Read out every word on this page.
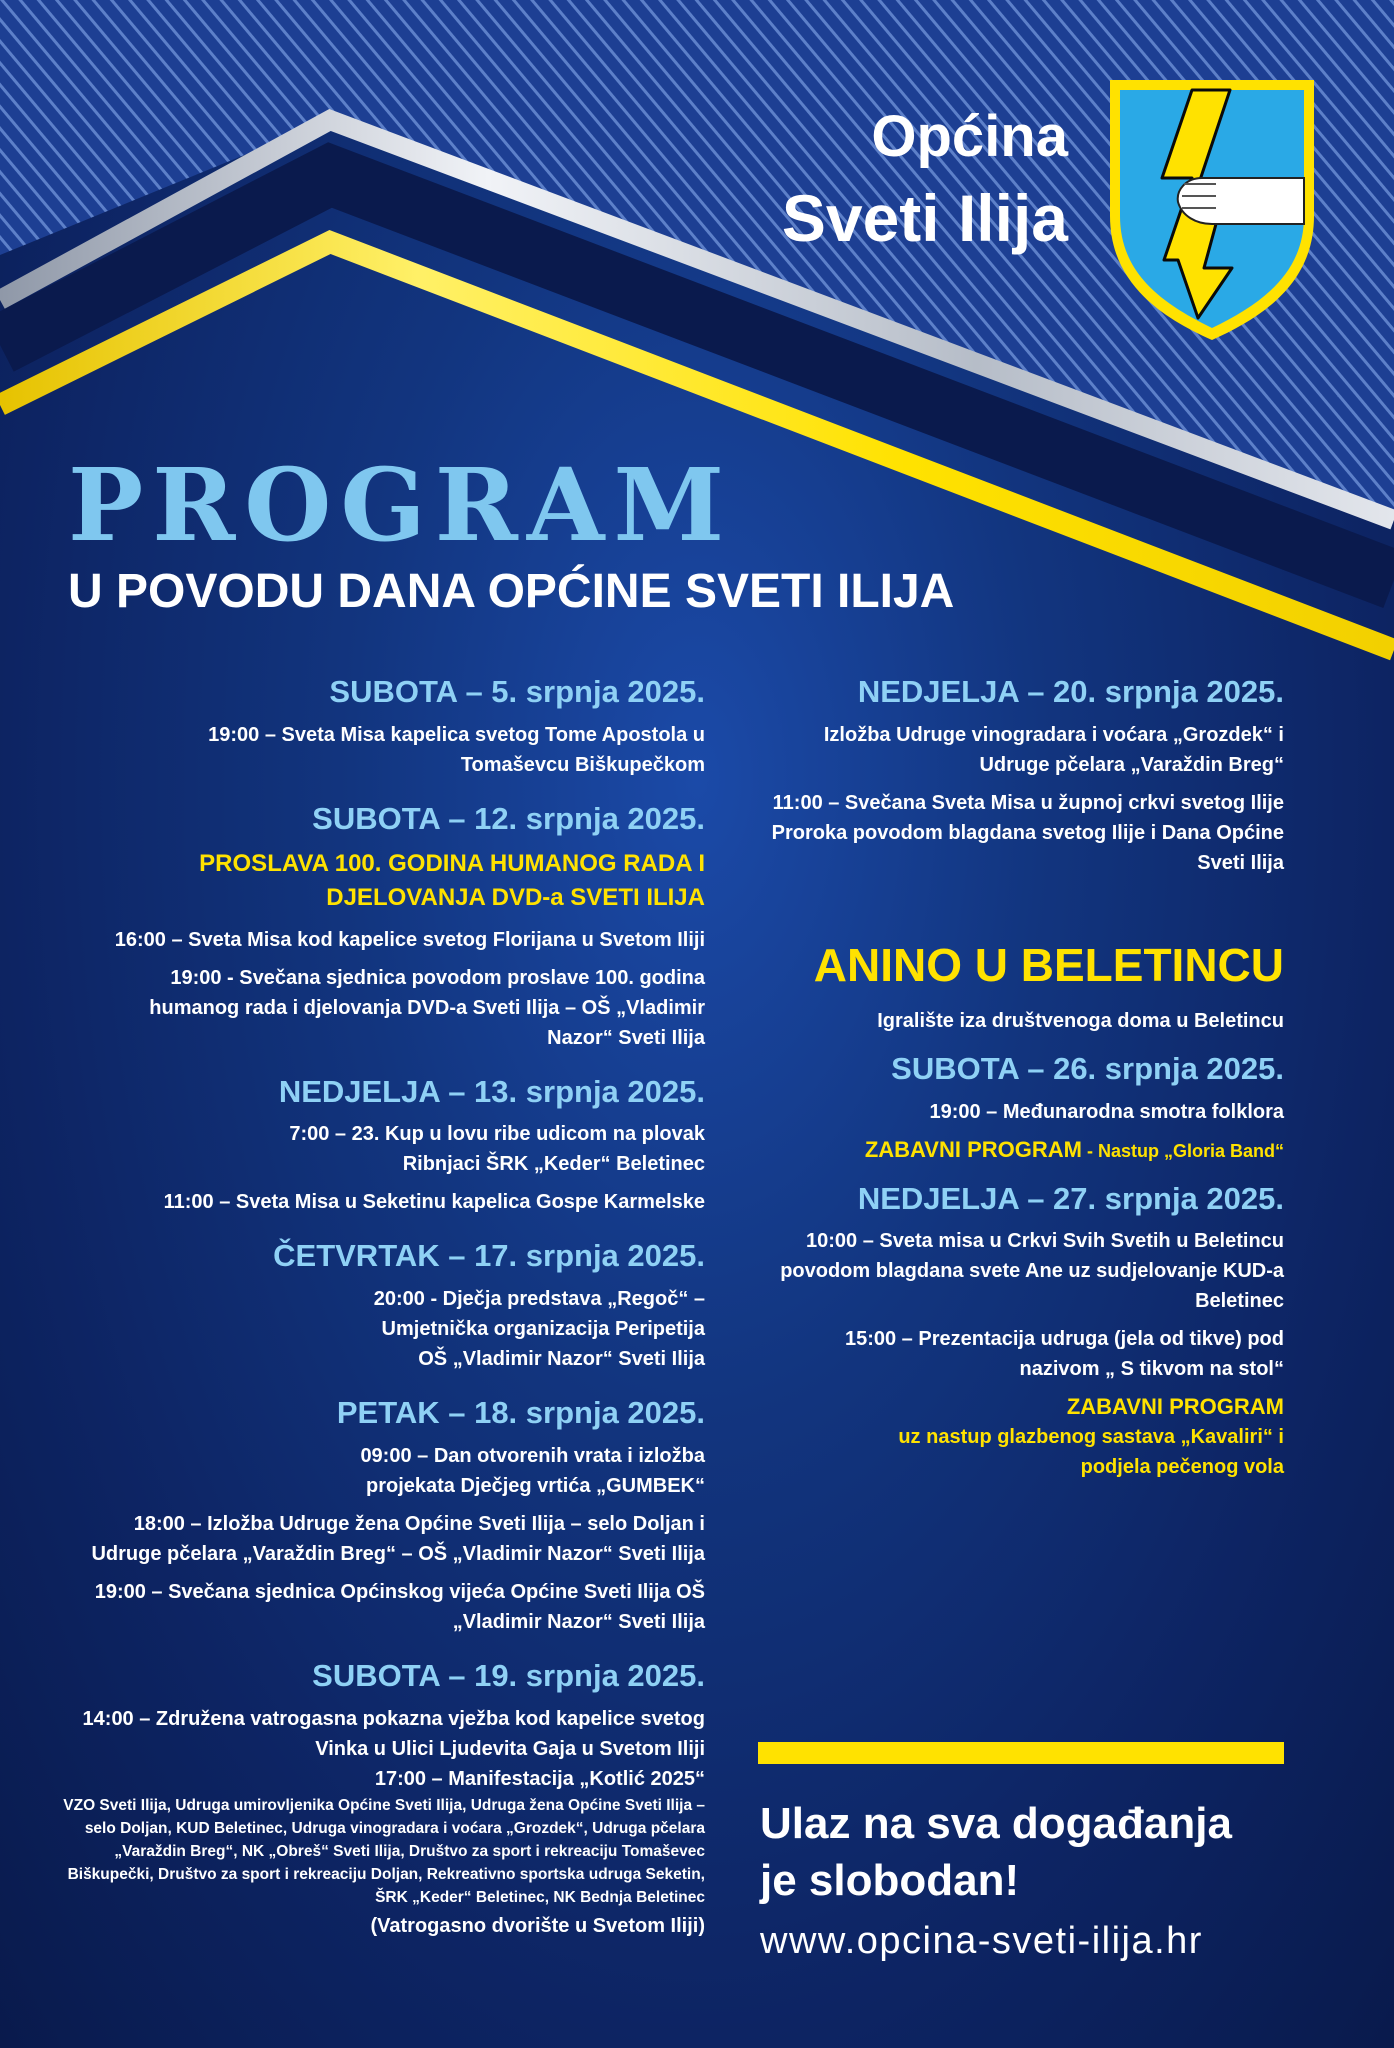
Općina
Sveti Ilija
PROGRAM
U POVODU DANA OPĆINE SVETI ILIJA
SUBOTA – 5. srpnja 2025.
19:00 – Sveta Misa kapelica svetog Tome Apostola u Tomaševcu Biškupečkom
SUBOTA – 12. srpnja 2025.
PROSLAVA 100. GODINA HUMANOG RADA I DJELOVANJA DVD-a SVETI ILIJA
16:00 – Sveta Misa kod kapelice svetog Florijana u Svetom Iliji
19:00 - Svečana sjednica povodom proslave 100. godina humanog rada i djelovanja DVD-a Sveti Ilija – OŠ „Vladimir Nazor“ Sveti Ilija
NEDJELJA – 13. srpnja 2025.
7:00 – 23. Kup u lovu ribe udicom na plovak Ribnjaci ŠRK „Keder“ Beletinec
11:00 – Sveta Misa u Seketinu kapelica Gospe Karmelske
ČETVRTAK – 17. srpnja 2025.
20:00 - Dječja predstava „Regoč“ – Umjetnička organizacija Peripetija OŠ „Vladimir Nazor“ Sveti Ilija
PETAK – 18. srpnja 2025.
09:00 – Dan otvorenih vrata i izložba projekata Dječjeg vrtića „GUMBEK“
18:00 – Izložba Udruge žena Općine Sveti Ilija – selo Doljan i Udruge pčelara „Varaždin Breg“ – OŠ „Vladimir Nazor“ Sveti Ilija
19:00 – Svečana sjednica Općinskog vijeća Općine Sveti Ilija OŠ „Vladimir Nazor“ Sveti Ilija
SUBOTA – 19. srpnja 2025.
14:00 – Združena vatrogasna pokazna vježba kod kapelice svetog Vinka u Ulici Ljudevita Gaja u Svetom Iliji
17:00 – Manifestacija „Kotlić 2025“
VZO Sveti Ilija, Udruga umirovljenika Općine Sveti Ilija, Udruga žena Općine Sveti Ilija – selo Doljan, KUD Beletinec, Udruga vinogradara i voćara „Grozdek“, Udruga pčelara „Varaždin Breg“, NK „Obreš“ Sveti Ilija, Društvo za sport i rekreaciju Tomaševec Biškupečki, Društvo za sport i rekreaciju Doljan, Rekreativno sportska udruga Seketin, ŠRK „Keder“ Beletinec, NK Bednja Beletinec
(Vatrogasno dvorište u Svetom Iliji)
NEDJELJA – 20. srpnja 2025.
Izložba Udruge vinogradara i voćara „Grozdek“ i Udruge pčelara „Varaždin Breg“
11:00 – Svečana Sveta Misa u župnoj crkvi svetog Ilije Proroka povodom blagdana svetog Ilije i Dana Općine Sveti Ilija
ANINO U BELETINCU
Igralište iza društvenoga doma u Beletincu
SUBOTA – 26. srpnja 2025.
19:00 – Međunarodna smotra folklora
ZABAVNI PROGRAM - Nastup „Gloria Band“
NEDJELJA – 27. srpnja 2025.
10:00 – Sveta misa u Crkvi Svih Svetih u Beletincu povodom blagdana svete Ane uz sudjelovanje KUD-a Beletinec
15:00 – Prezentacija udruga (jela od tikve) pod nazivom „ S tikvom na stol“
ZABAVNI PROGRAM
uz nastup glazbenog sastava „Kavaliri“ i podjela pečenog vola
Ulaz na sva događanja je slobodan!
www.opcina-sveti-ilija.hr
